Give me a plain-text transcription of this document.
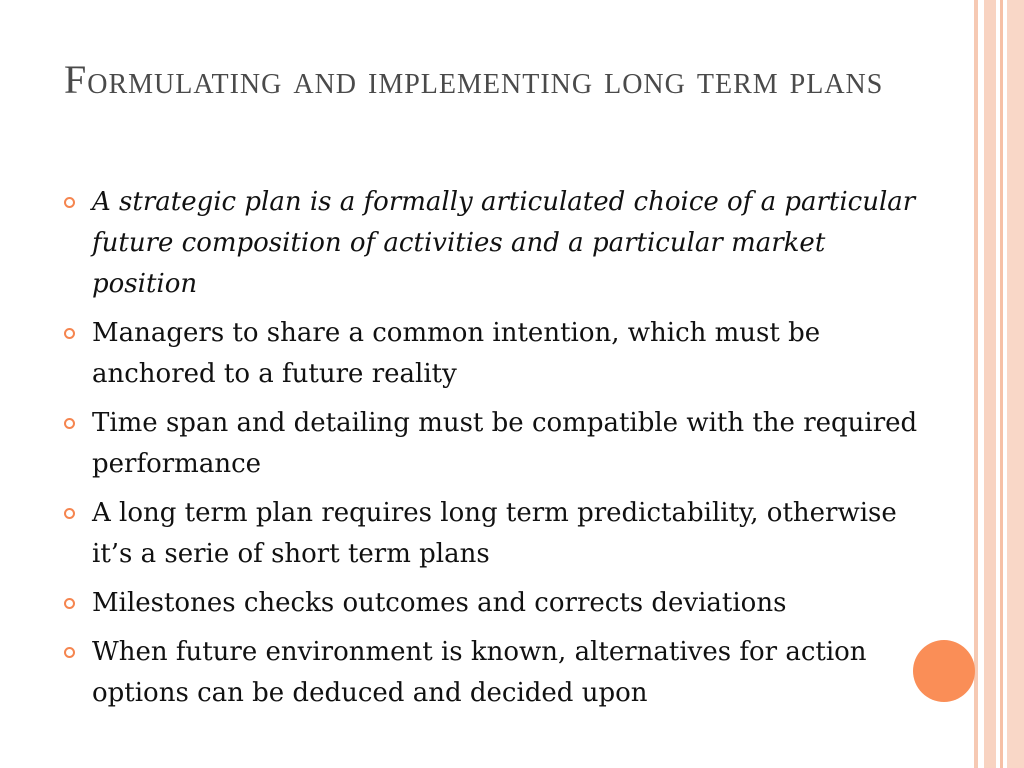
Formulating and implementing long term plans
A strategic plan is a formally articulated choice of a particular future composition of activities and a particular market position
Managers to share a common intention, which must be anchored to a future reality
Time span and detailing must be compatible with the required performance
A long term plan requires long term predictability, otherwise it’s a serie of short term plans
Milestones checks outcomes and corrects deviations
When future environment is known, alternatives for action options can be deduced and decided upon
